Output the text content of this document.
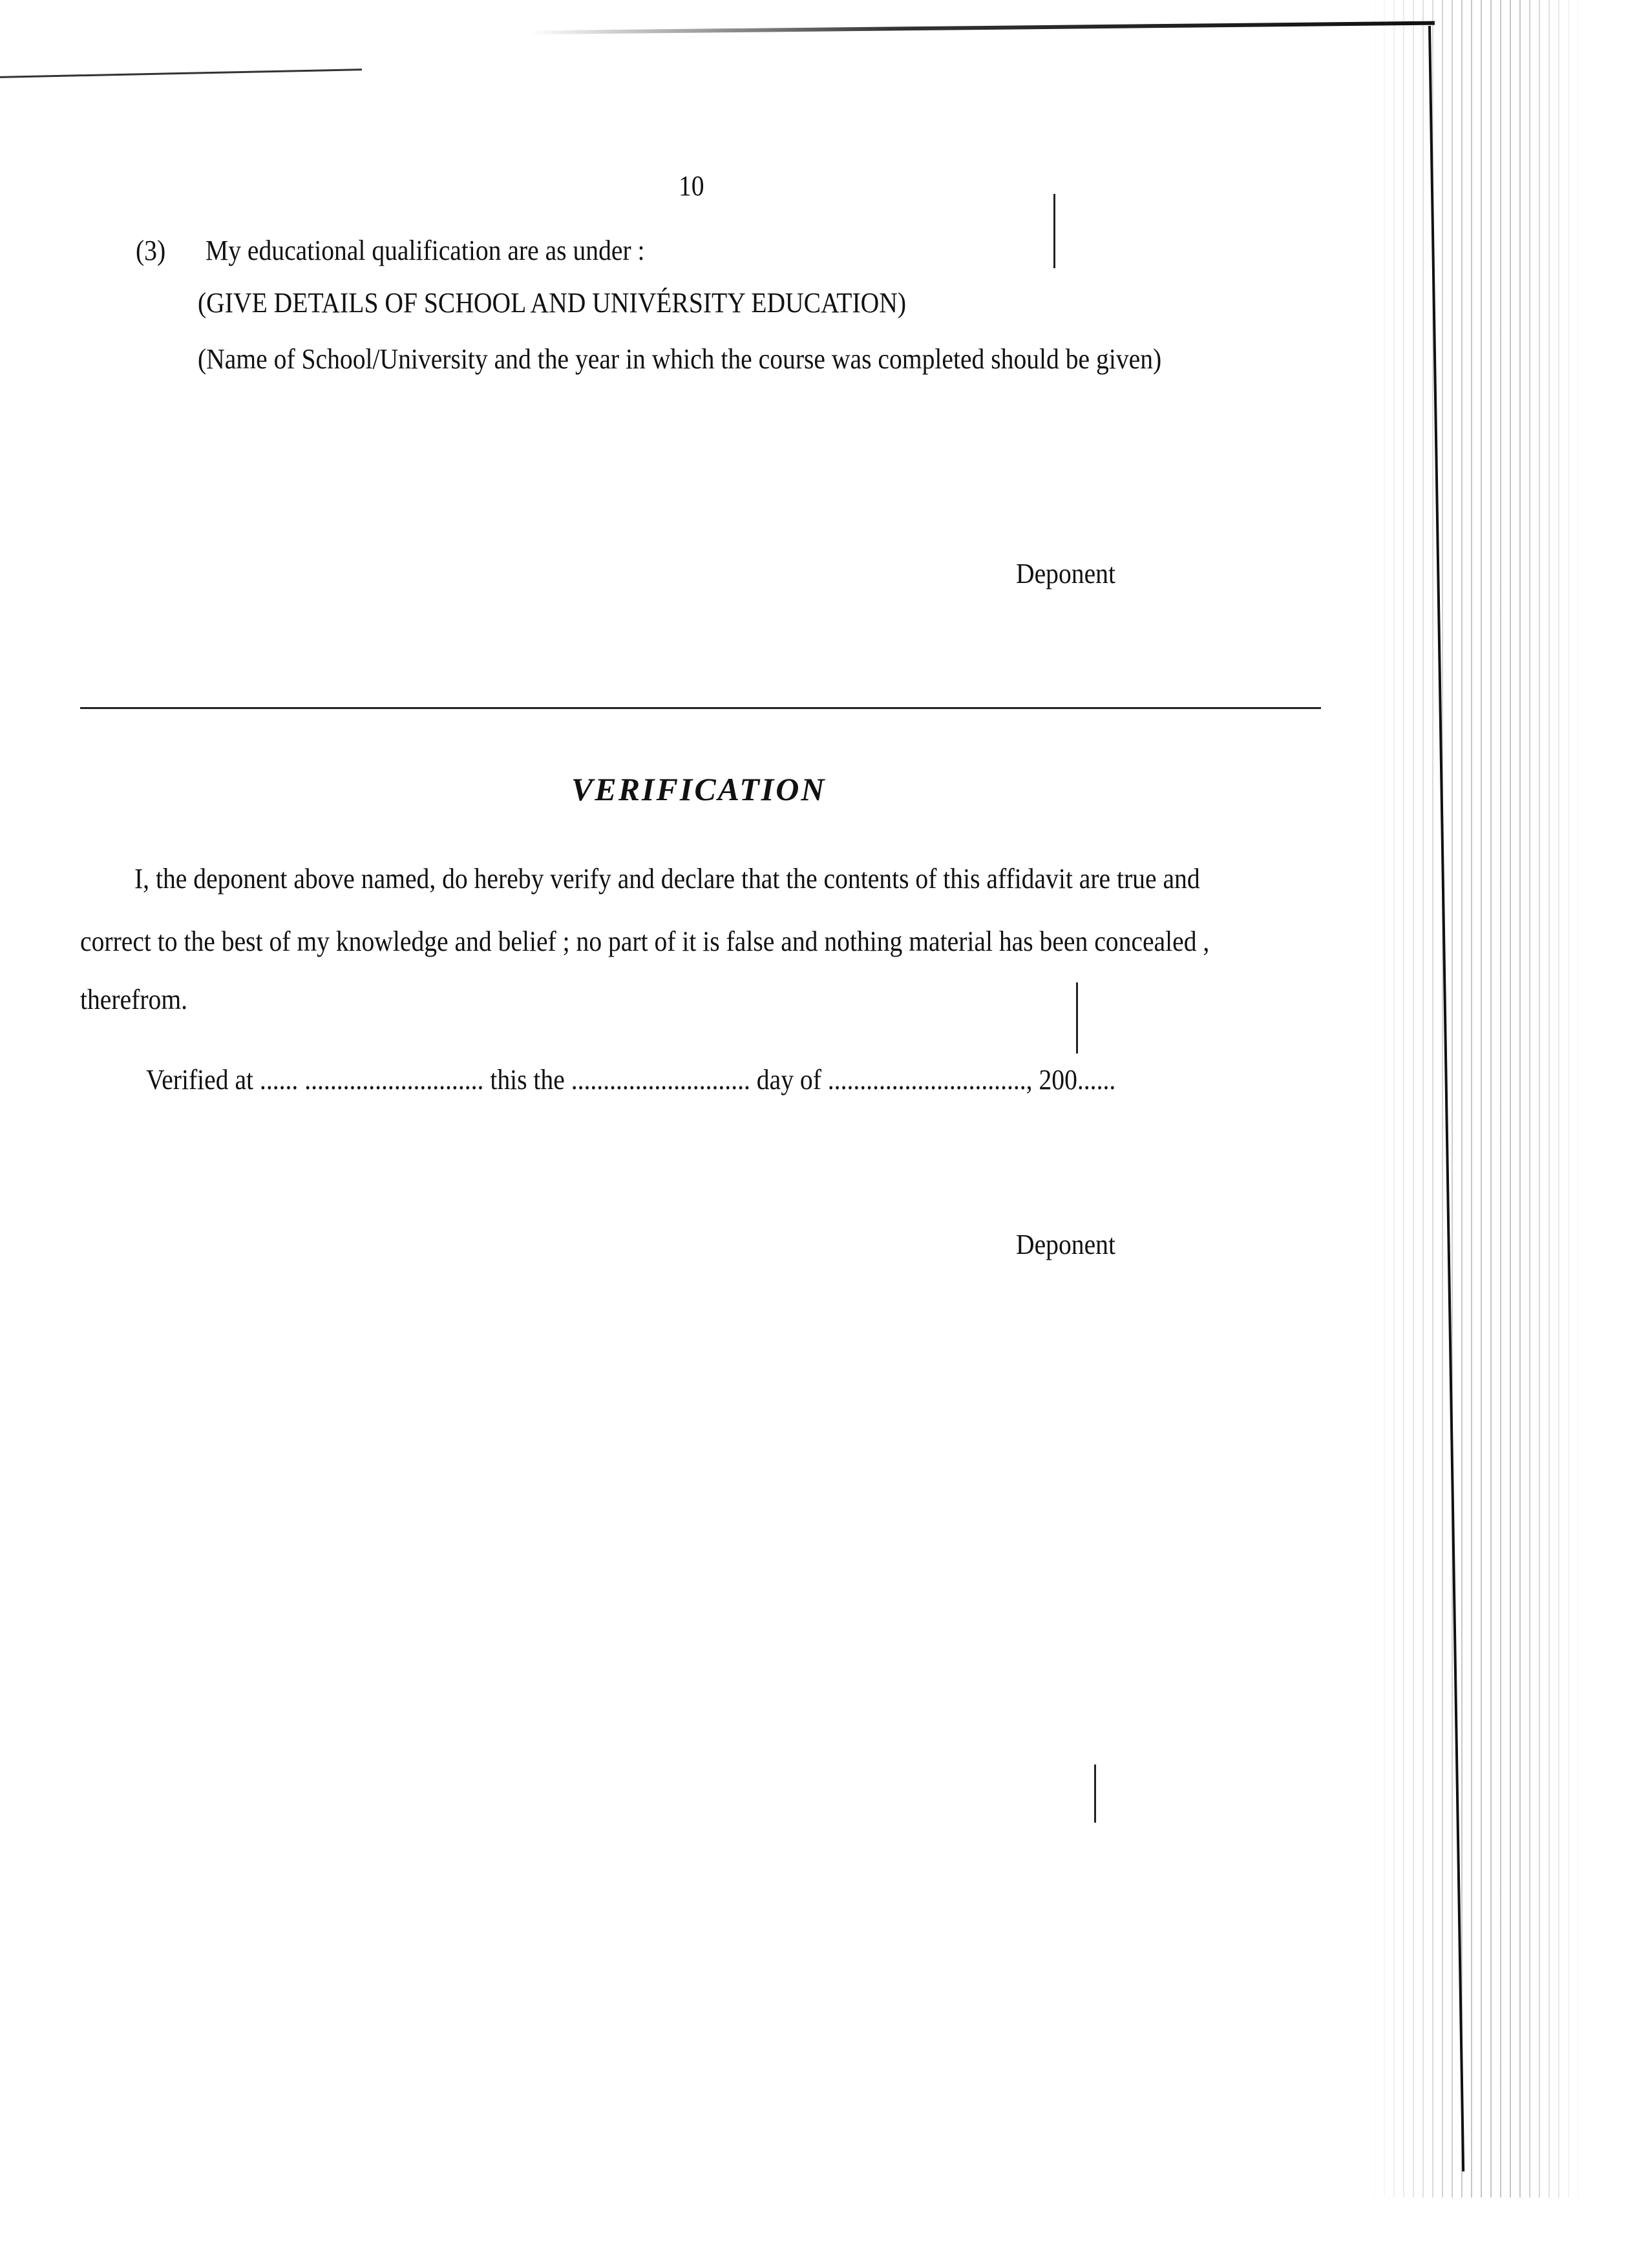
10
(3) My educational qualification are as under :
(GIVE DETAILS OF SCHOOL AND UNIVÉRSITY EDUCATION)
(Name of School/University and the year in which the course was completed should be given)
Deponent
VERIFICATION
I, the deponent above named, do hereby verify and declare that the contents of this affidavit are true and
correct to the best of my knowledge and belief ; no part of it is false and nothing material has been concealed ,
therefrom.
Verified at ...... ............................ this the ............................ day of ..............................., 200......
Deponent
